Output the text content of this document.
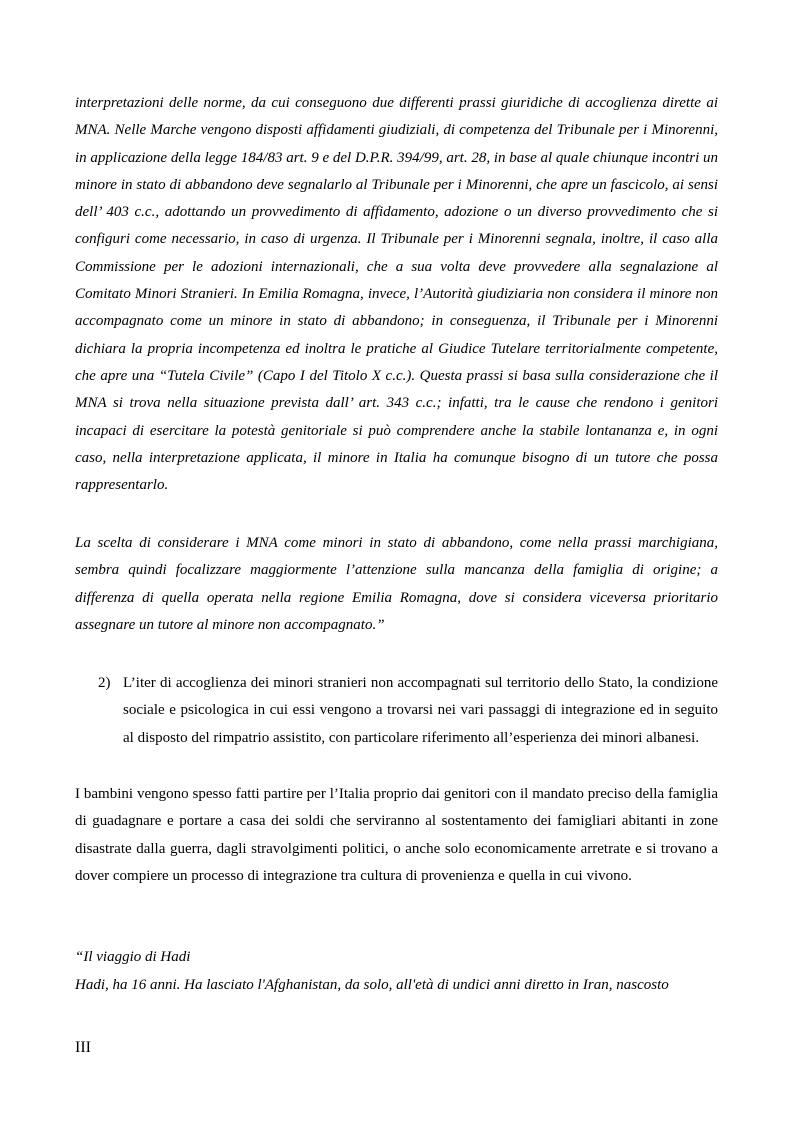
interpretazioni delle norme, da cui conseguono due differenti prassi giuridiche di accoglienza dirette ai MNA. Nelle Marche vengono disposti affidamenti giudiziali, di competenza del Tribunale per i Minorenni, in applicazione della legge 184/83 art. 9 e del D.P.R. 394/99, art. 28, in base al quale chiunque incontri un minore in stato di abbandono deve segnalarlo al Tribunale per i Minorenni, che apre un fascicolo, ai sensi dell’ 403 c.c., adottando un provvedimento di affidamento, adozione o un diverso provvedimento che si configuri come necessario, in caso di urgenza. Il Tribunale per i Minorenni segnala, inoltre, il caso alla Commissione per le adozioni internazionali, che a sua volta deve provvedere alla segnalazione al Comitato Minori Stranieri. In Emilia Romagna, invece, l’Autorità giudiziaria non considera il minore non accompagnato come un minore in stato di abbandono; in conseguenza, il Tribunale per i Minorenni dichiara la propria incompetenza ed inoltra le pratiche al Giudice Tutelare territorialmente competente, che apre una “Tutela Civile” (Capo I del Titolo X c.c.). Questa prassi si basa sulla considerazione che il MNA si trova nella situazione prevista dall’ art. 343 c.c.; infatti, tra le cause che rendono i genitori incapaci di esercitare la potestà genitoriale si può comprendere anche la stabile lontananza e, in ogni caso, nella interpretazione applicata, il minore in Italia ha comunque bisogno di un tutore che possa rappresentarlo.

La scelta di considerare i MNA come minori in stato di abbandono, come nella prassi marchigiana, sembra quindi focalizzare maggiormente l’attenzione sulla mancanza della famiglia di origine; a differenza di quella operata nella regione Emilia Romagna, dove si considera viceversa prioritario assegnare un tutore al minore non accompagnato.”

2) L’iter di accoglienza dei minori stranieri non accompagnati sul territorio dello Stato, la condizione sociale e psicologica in cui essi vengono a trovarsi nei vari passaggi di integrazione ed in seguito al disposto del rimpatrio assistito, con particolare riferimento all’esperienza dei minori albanesi.

I bambini vengono spesso fatti partire per l’Italia proprio dai genitori con il mandato preciso della famiglia di guadagnare e portare a casa dei soldi che serviranno al sostentamento dei famigliari abitanti in zone disastrate dalla guerra, dagli stravolgimenti politici, o anche solo economicamente arretrate e si trovano a dover compiere un processo di integrazione tra cultura di provenienza e quella in cui vivono.

“Il viaggio di Hadi

Hadi, ha 16 anni. Ha lasciato l'Afghanistan, da solo, all'età di undici anni diretto in Iran, nascosto

III
